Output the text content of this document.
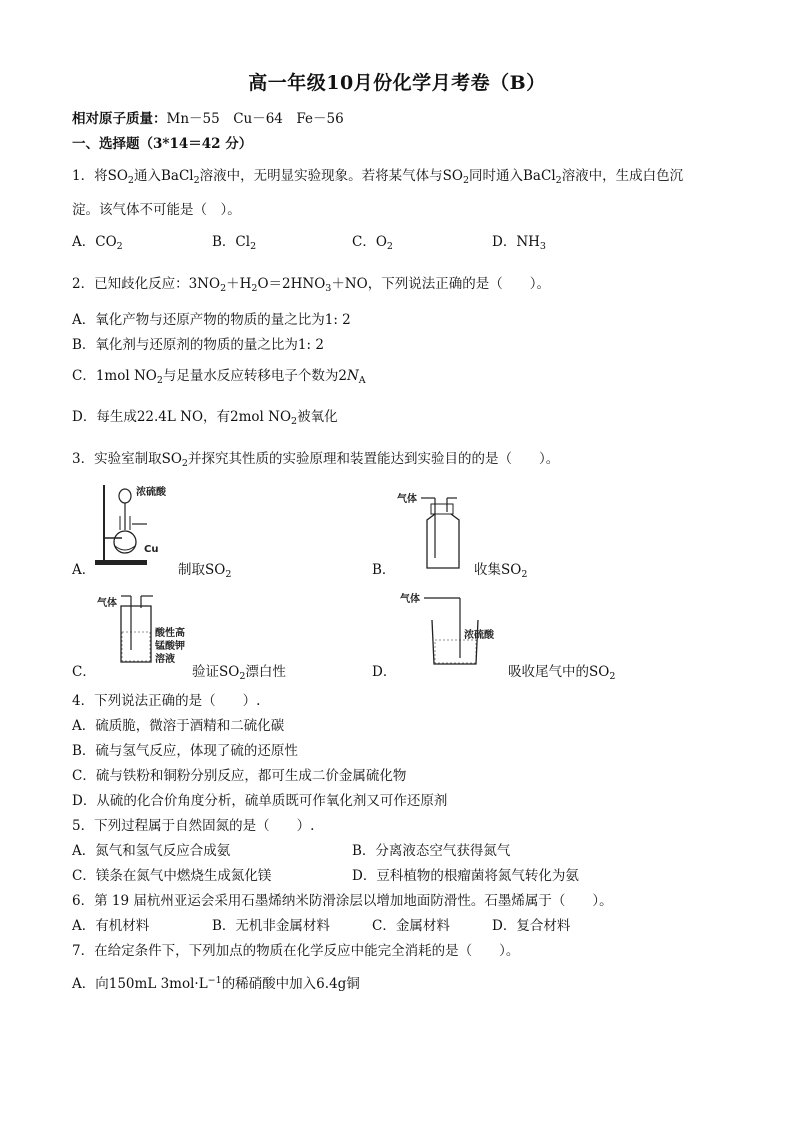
高一年级10月份化学月考卷（B）
相对原子质量：Mn－55　Cu－64　Fe－56
一、选择题（3*14＝42 分）
1．将$SO_2$通入BaCl$_2$溶液中，无明显实验现象。若将某气体与$SO_2$同时通入BaCl$_2$溶液中，生成白色沉
淀。该气体不可能是（　）。
A．$CO_2$	B．$Cl_2$	C．$O_2$	D．$NH_3$
2．已知歧化反应：$3NO_2+H_2O=2HNO_3+NO$，下列说法正确的是（　　）。
A．氧化产物与还原产物的物质的量之比为1: 2
B．氧化剂与还原剂的物质的量之比为1: 2
C．1mol $NO_2$与足量水反应转移电子个数为$2N_A$
D．每生成22.4L NO，有2mol $NO_2$被氧化
3．实验室制取$SO_2$并探究其性质的实验原理和装置能达到实验目的的是（　　）。
浓硫酸
Cu
A．	制取$SO_2$
气体
B．	收集$SO_2$
气体
酸性高
锰酸钾
溶液
C．	验证$SO_2$漂白性
气体
浓硫酸
D．	吸收尾气中的$SO_2$
4．下列说法正确的是（　　）.
A．硫质脆，微溶于酒精和二硫化碳
B．硫与氢气反应，体现了硫的还原性
C．硫与铁粉和铜粉分别反应，都可生成二价金属硫化物
D．从硫的化合价角度分析，硫单质既可作氧化剂又可作还原剂
5．下列过程属于自然固氮的是（　　）.
A．氮气和氢气反应合成氨	B．分离液态空气获得氮气
C．镁条在氮气中燃烧生成氮化镁	D．豆科植物的根瘤菌将氮气转化为氨
6．第 19 届杭州亚运会采用石墨烯纳米防滑涂层以增加地面防滑性。石墨烯属于（　　）。
A．有机材料	B．无机非金属材料	C．金属材料	D．复合材料
7．在给定条件下，下列加点的物质在化学反应中能完全消耗的是（　　）。
A．向150mL $3mol\cdot L^{-1}$的稀硝酸中加入6.4g铜
